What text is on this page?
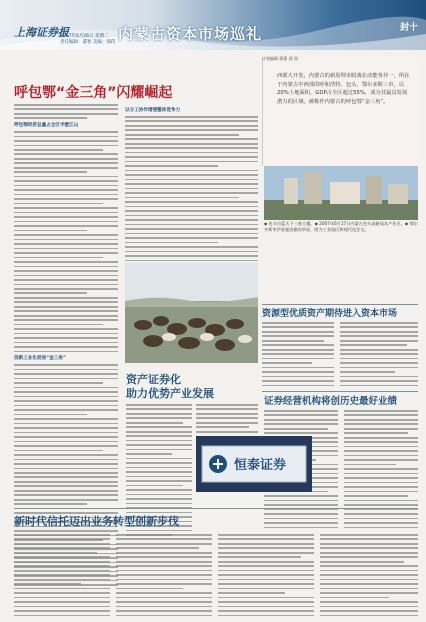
上海证券报
2007年6月26日 星期二
责任编辑：董智 美编：邵伟 内蒙古资本市场巡礼	封十
呼包鄂“金三角”闪耀崛起
西部大开发，内蒙古的新原埋本脱离在动能各异一，所在于内蒙古中西部的呼和浩特、包头、鄂尔多斯三市，以20%土地面积，GDP占全区超过55%，成为其最具发展潜力的区域，被称作内蒙古的呼包鄂“金三角”。
计划编辑 蒋强 邵 瑶
◆ 包头市蓝天下三座大楼。◆ 2007年6月17日内蒙古包头高新技术产业区。◆ 鄂尔多斯市伊金霍洛旗的草原，图为工业园区和现代化住宅。
呼包鄂经济总量占全区半壁江山
创新工业化促进“金三角”
以分工协作增强整体竞争力
资源型优质资产期待进入资本市场
资产证券化
助力优势产业发展
证券经营机构将创历史最好业绩
恒泰证券
新时代信托迈出业务转型创新步伐
